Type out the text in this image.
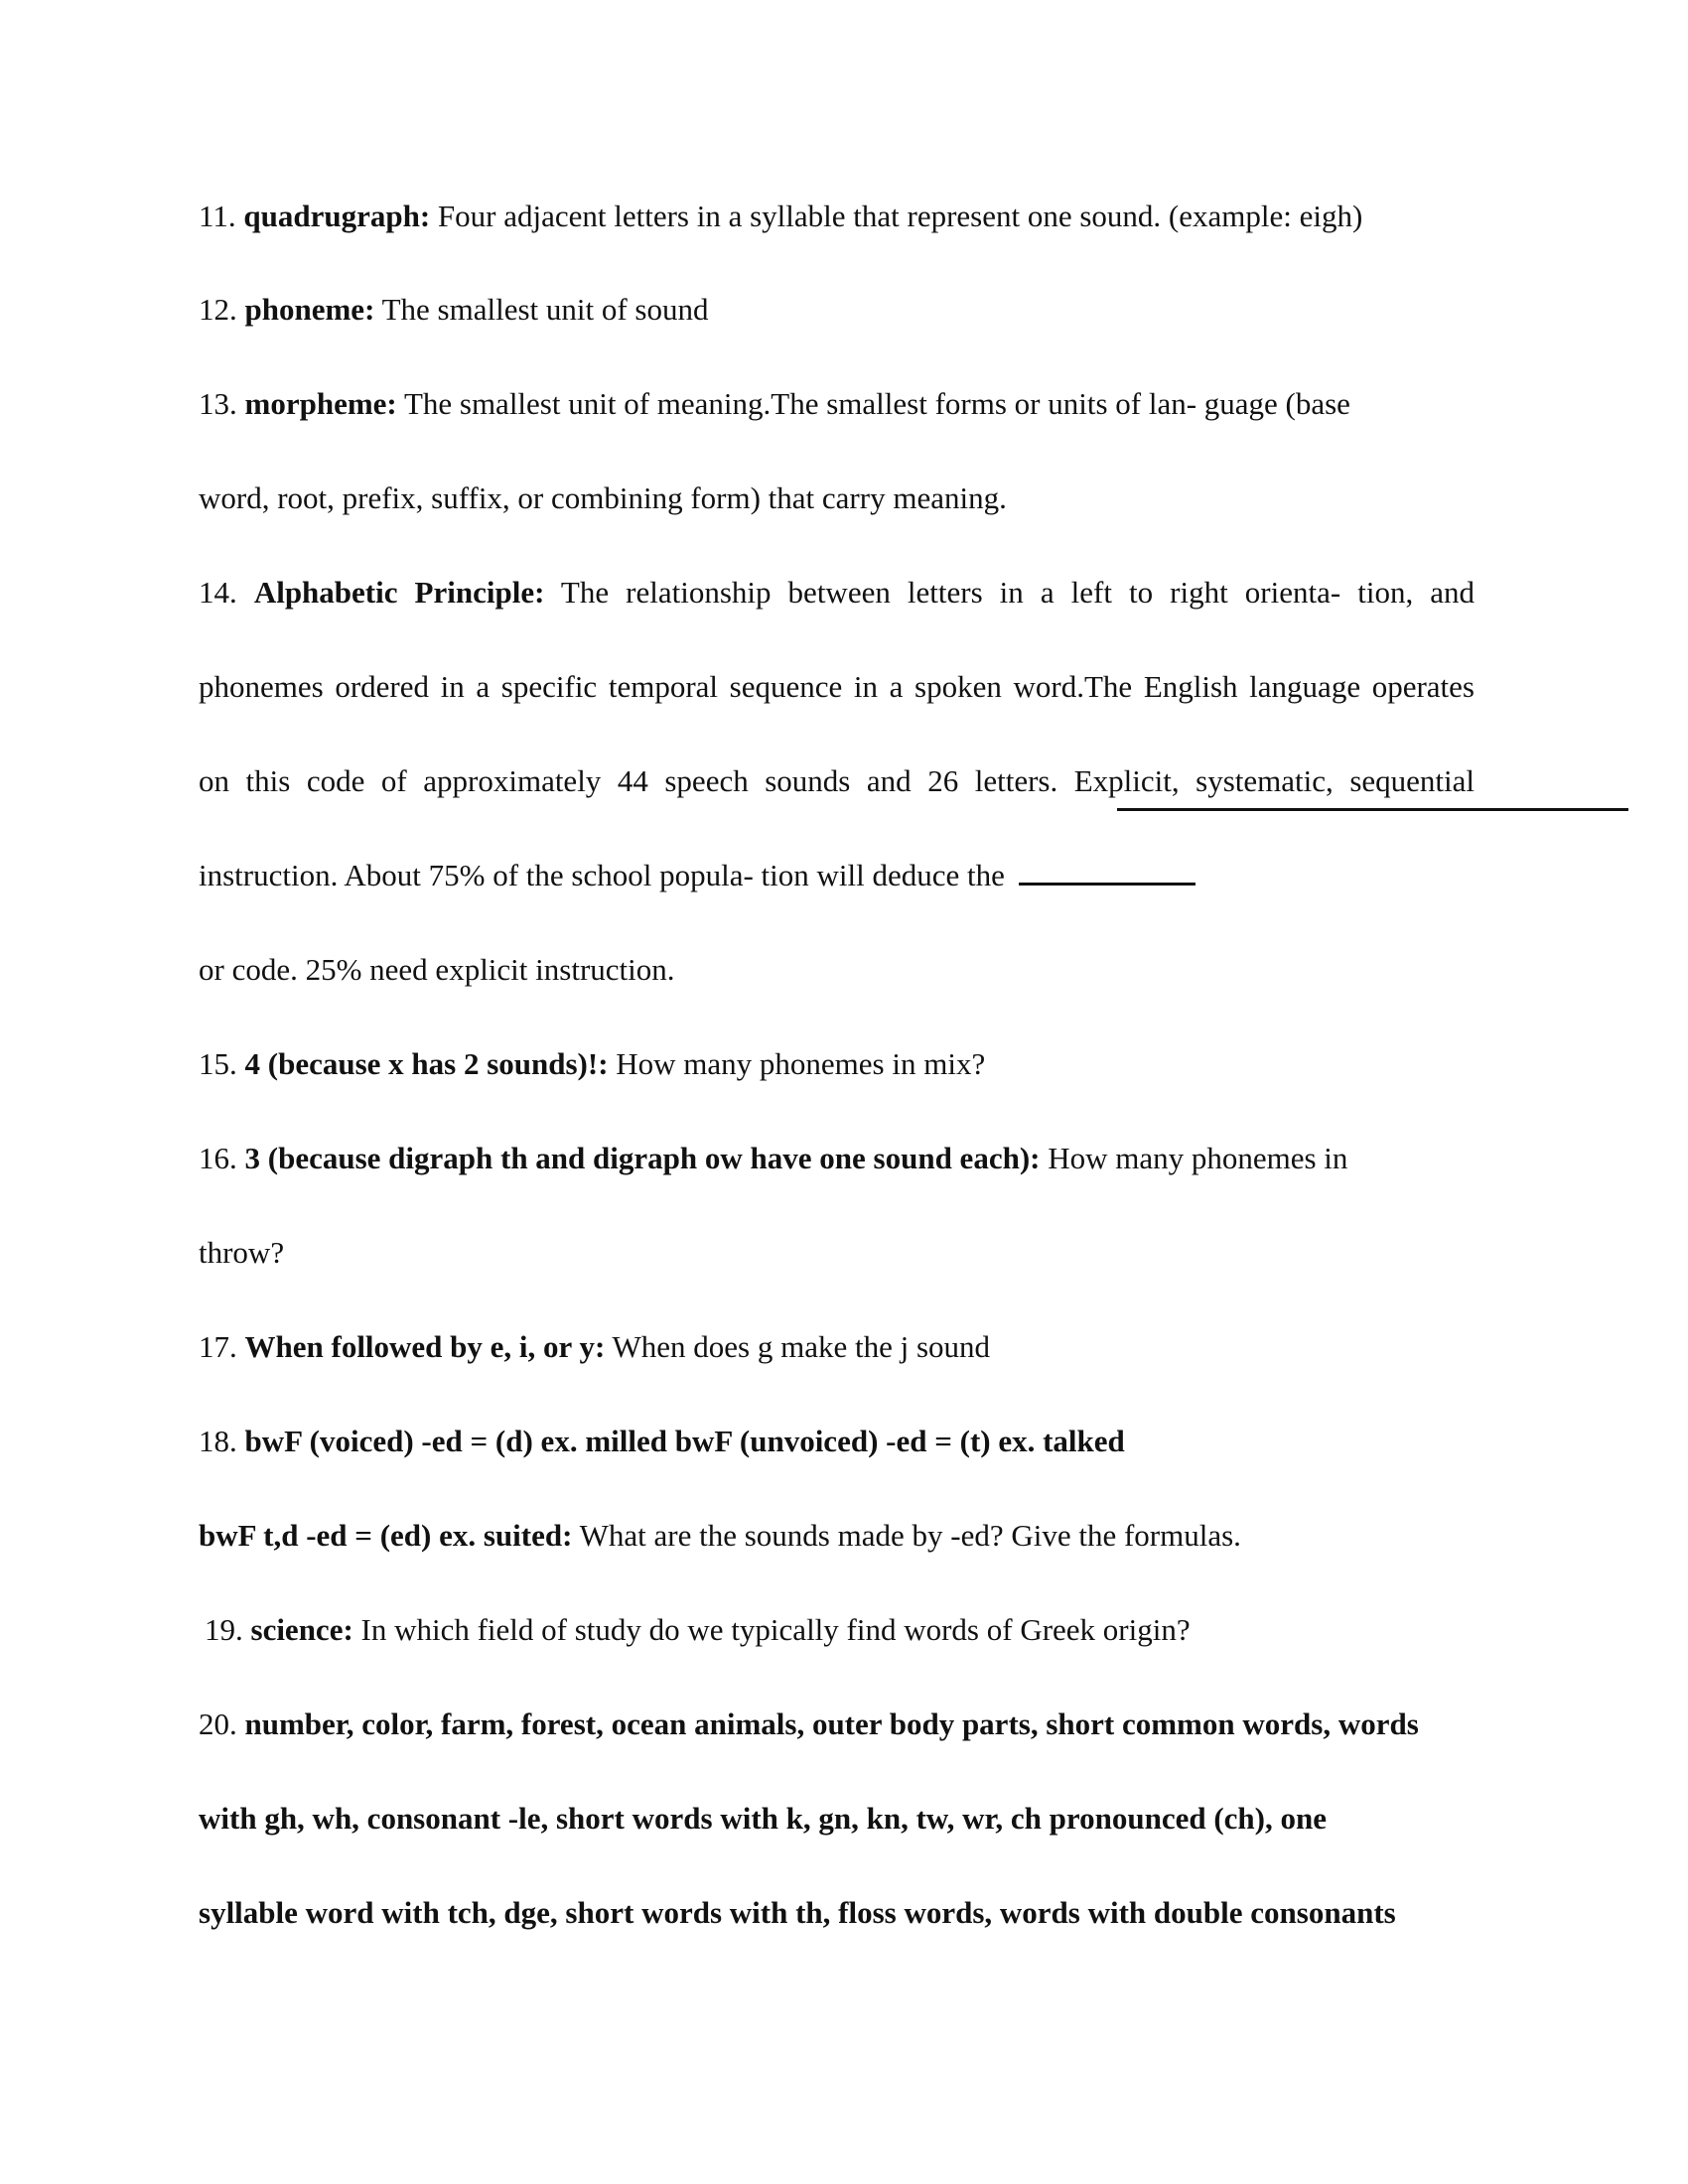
11. quadrugraph: Four adjacent letters in a syllable that represent one sound. (example: eigh)
12. phoneme: The smallest unit of sound
13. morpheme: The smallest unit of meaning.The smallest forms or units of lan- guage (base
word, root, prefix, suffix, or combining form) that carry meaning.
14. Alphabetic Principle: The relationship between letters in a left to right orienta- tion, and
phonemes ordered in a specific temporal sequence in a spoken word.The English language operates
on this code of approximately 44 speech sounds and 26 letters. Explicit, systematic, sequential
instruction. About 75% of the school popula- tion will deduce the
or code. 25% need explicit instruction.
15. 4 (because x has 2 sounds)!: How many phonemes in mix?
16. 3 (because digraph th and digraph ow have one sound each): How many phonemes in
throw?
17. When followed by e, i, or y: When does g make the j sound
18. bwF (voiced) -ed = (d) ex. milled bwF (unvoiced) -ed = (t) ex. talked
bwF t,d -ed = (ed) ex. suited: What are the sounds made by -ed? Give the formulas.
19. science: In which field of study do we typically find words of Greek origin?
20. number, color, farm, forest, ocean animals, outer body parts, short common words, words
with gh, wh, consonant -le, short words with k, gn, kn, tw, wr, ch pronounced (ch), one
syllable word with tch, dge, short words with th, floss words, words with double consonants
